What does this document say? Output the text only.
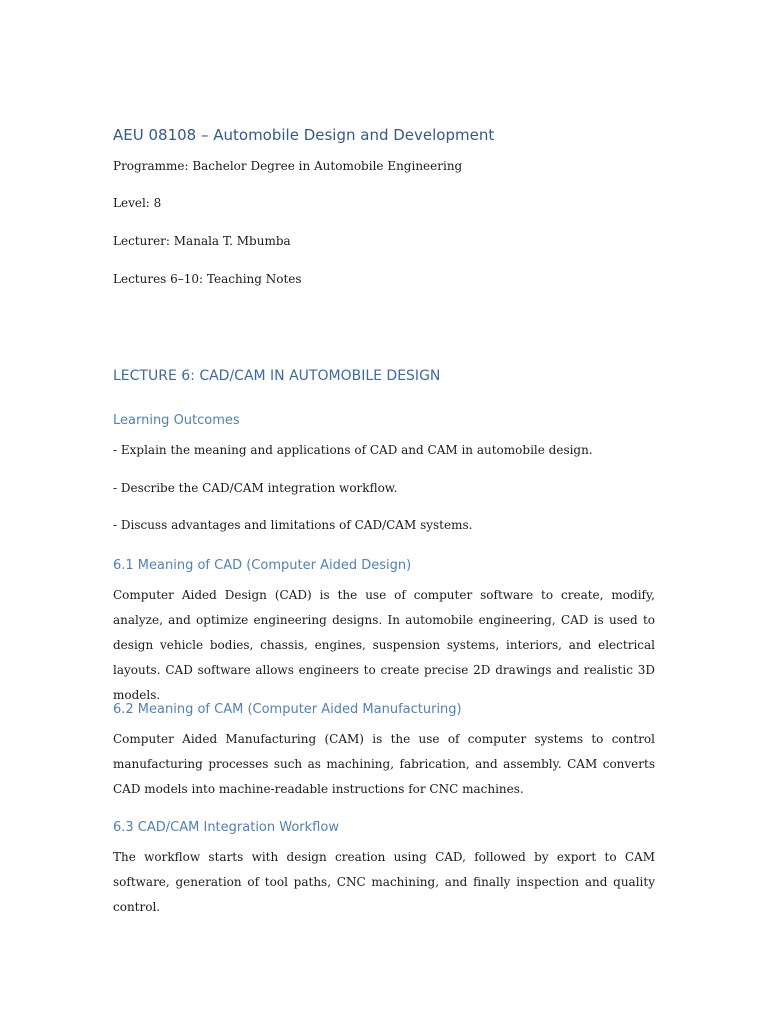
AEU 08108 – Automobile Design and Development
Programme: Bachelor Degree in Automobile Engineering
Level: 8
Lecturer: Manala T. Mbumba
Lectures 6–10: Teaching Notes
LECTURE 6: CAD/CAM IN AUTOMOBILE DESIGN
Learning Outcomes
- Explain the meaning and applications of CAD and CAM in automobile design.
- Describe the CAD/CAM integration workflow.
- Discuss advantages and limitations of CAD/CAM systems.
6.1 Meaning of CAD (Computer Aided Design)
Computer Aided Design (CAD) is the use of computer software to create, modify, analyze, and optimize engineering designs. In automobile engineering, CAD is used to design vehicle bodies, chassis, engines, suspension systems, interiors, and electrical layouts. CAD software allows engineers to create precise 2D drawings and realistic 3D models.
6.2 Meaning of CAM (Computer Aided Manufacturing)
Computer Aided Manufacturing (CAM) is the use of computer systems to control manufacturing processes such as machining, fabrication, and assembly. CAM converts CAD models into machine-readable instructions for CNC machines.
6.3 CAD/CAM Integration Workflow
The workflow starts with design creation using CAD, followed by export to CAM software, generation of tool paths, CNC machining, and finally inspection and quality control.
